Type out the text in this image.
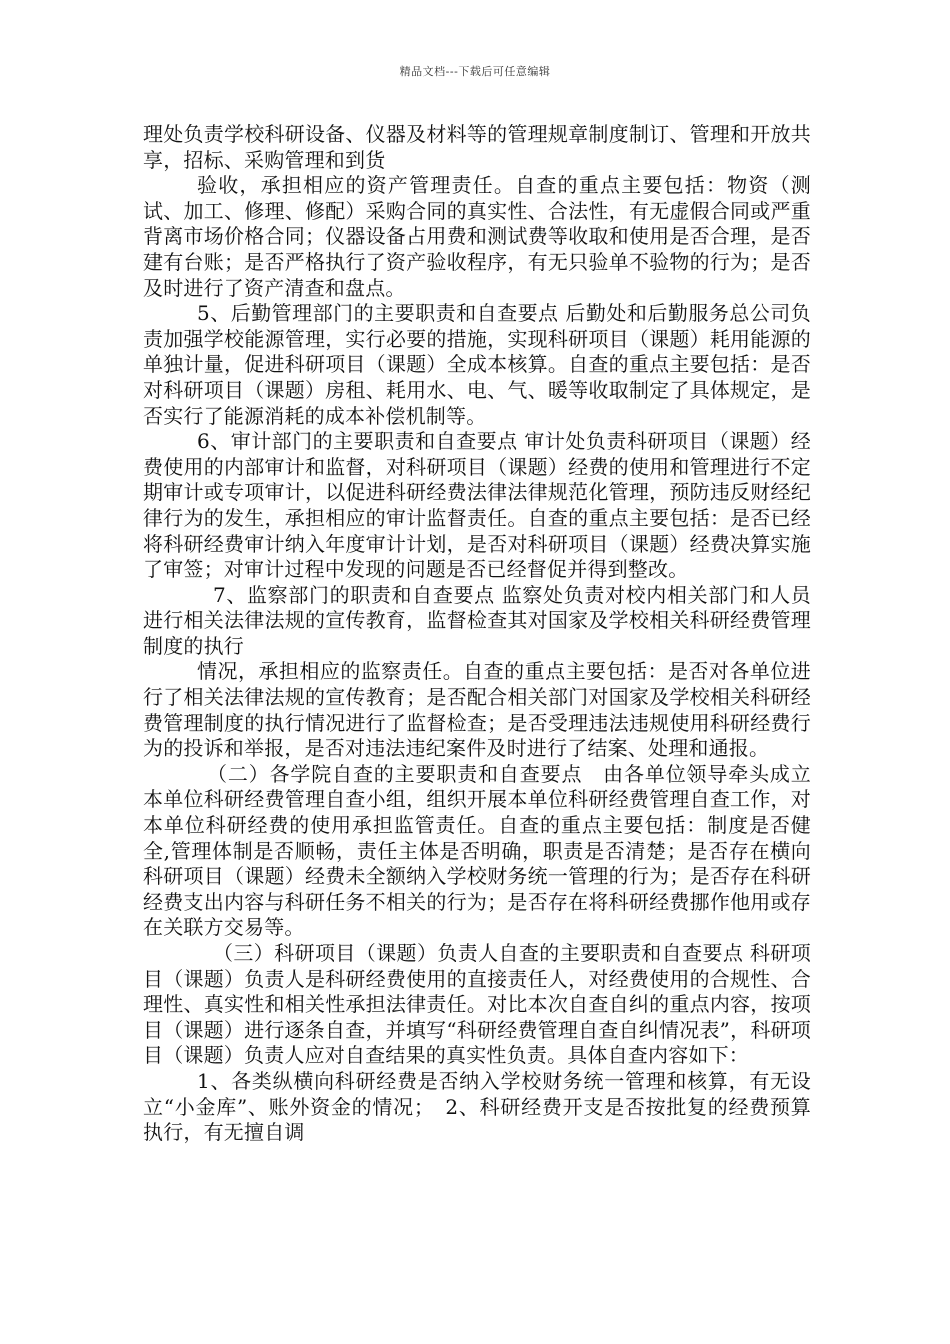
精品文档---下载后可任意编辑

理处负责学校科研设备、仪器及材料等的管理规章制度制订、管理和开放共享，招标、采购管理和到货

验收，承担相应的资产管理责任。自查的重点主要包括：物资（测试、加工、修理、修配）采购合同的真实性、合法性，有无虚假合同或严重背离市场价格合同；仪器设备占用费和测试费等收取和使用是否合理，是否建有台账；是否严格执行了资产验收程序，有无只验单不验物的行为；是否及时进行了资产清查和盘点。

5、后勤管理部门的主要职责和自查要点 后勤处和后勤服务总公司负责加强学校能源管理，实行必要的措施，实现科研项目（课题）耗用能源的单独计量，促进科研项目（课题）全成本核算。自查的重点主要包括：是否对科研项目（课题）房租、耗用水、电、气、暖等收取制定了具体规定，是否实行了能源消耗的成本补偿机制等。

6、审计部门的主要职责和自查要点 审计处负责科研项目（课题）经费使用的内部审计和监督，对科研项目（课题）经费的使用和管理进行不定期审计或专项审计，以促进科研经费法律法律规范化管理，预防违反财经纪律行为的发生，承担相应的审计监督责任。自查的重点主要包括：是否已经将科研经费审计纳入年度审计计划，是否对科研项目（课题）经费决算实施了审签；对审计过程中发现的问题是否已经督促并得到整改。

7、监察部门的职责和自查要点 监察处负责对校内相关部门和人员进行相关法律法规的宣传教育，监督检查其对国家及学校相关科研经费管理制度的执行

情况，承担相应的监察责任。自查的重点主要包括：是否对各单位进行了相关法律法规的宣传教育；是否配合相关部门对国家及学校相关科研经费管理制度的执行情况进行了监督检查；是否受理违法违规使用科研经费行为的投诉和举报，是否对违法违纪案件及时进行了结案、处理和通报。

（二）各学院自查的主要职责和自查要点　由各单位领导牵头成立本单位科研经费管理自查小组，组织开展本单位科研经费管理自查工作，对本单位科研经费的使用承担监管责任。自查的重点主要包括：制度是否健全,管理体制是否顺畅，责任主体是否明确，职责是否清楚；是否存在横向科研项目（课题）经费未全额纳入学校财务统一管理的行为；是否存在科研经费支出内容与科研任务不相关的行为；是否存在将科研经费挪作他用或存在关联方交易等。

（三）科研项目（课题）负责人自查的主要职责和自查要点 科研项目（课题）负责人是科研经费使用的直接责任人，对经费使用的合规性、合理性、真实性和相关性承担法律责任。对比本次自查自纠的重点内容，按项目（课题）进行逐条自查，并填写“科研经费管理自查自纠情况表”，科研项目（课题）负责人应对自查结果的真实性负责。具体自查内容如下：

1、各类纵横向科研经费是否纳入学校财务统一管理和核算，有无设立“小金库”、账外资金的情况；　2、科研经费开支是否按批复的经费预算执行，有无擅自调
